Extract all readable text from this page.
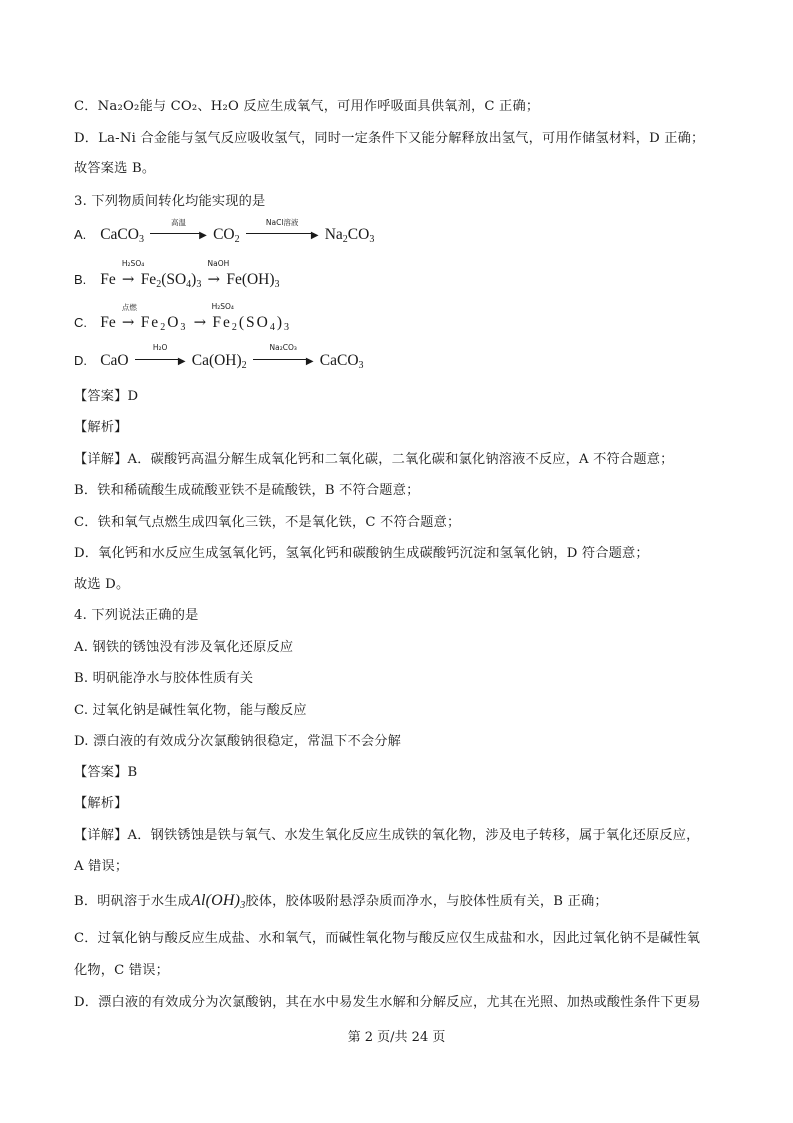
C．Na₂O₂能与 CO₂、H₂O 反应生成氧气，可用作呼吸面具供氧剂，C 正确；
D．La-Ni 合金能与氢气反应吸收氢气，同时一定条件下又能分解释放出氢气，可用作储氢材料，D 正确；
故答案选 B。
3. 下列物质间转化均能实现的是
A. CaCO$_3$
高温
▶ $CO_2$
NaCl溶液
▶ $Na_2CO_3$
B. Fe
H₂SO₄
→ $Fe_2(SO_4)_3$
NaOH
→ $Fe(OH)_3$
C. Fe
点燃
→ $Fe_2O_3$
H₂SO₄
→ $Fe_2(SO_4)_3$
D. CaO
H₂O
▶ $Ca(OH)_2$
Na₂CO₃
▶ CaCO$_3$
【答案】D
【解析】
【详解】A．碳酸钙高温分解生成氧化钙和二氧化碳，二氧化碳和氯化钠溶液不反应，A 不符合题意；
B．铁和稀硫酸生成硫酸亚铁不是硫酸铁，B 不符合题意；
C．铁和氧气点燃生成四氧化三铁，不是氧化铁，C 不符合题意；
D．氧化钙和水反应生成氢氧化钙，氢氧化钙和碳酸钠生成碳酸钙沉淀和氢氧化钠，D 符合题意；
故选 D。
4. 下列说法正确的是
A. 钢铁的锈蚀没有涉及氧化还原反应
B. 明矾能净水与胶体性质有关
C. 过氧化钠是碱性氧化物，能与酸反应
D. 漂白液的有效成分次氯酸钠很稳定，常温下不会分解
【答案】B
【解析】
【详解】A．钢铁锈蚀是铁与氧气、水发生氧化反应生成铁的氧化物，涉及电子转移，属于氧化还原反应，
A 错误；
B．明矾溶于水生成$Al(OH)_3$胶体，胶体吸附悬浮杂质而净水，与胶体性质有关，B 正确；
C．过氧化钠与酸反应生成盐、水和氧气，而碱性氧化物与酸反应仅生成盐和水，因此过氧化钠不是碱性氧
化物，C 错误；
D．漂白液的有效成分为次氯酸钠，其在水中易发生水解和分解反应，尤其在光照、加热或酸性条件下更易
第 2 页/共 24 页
